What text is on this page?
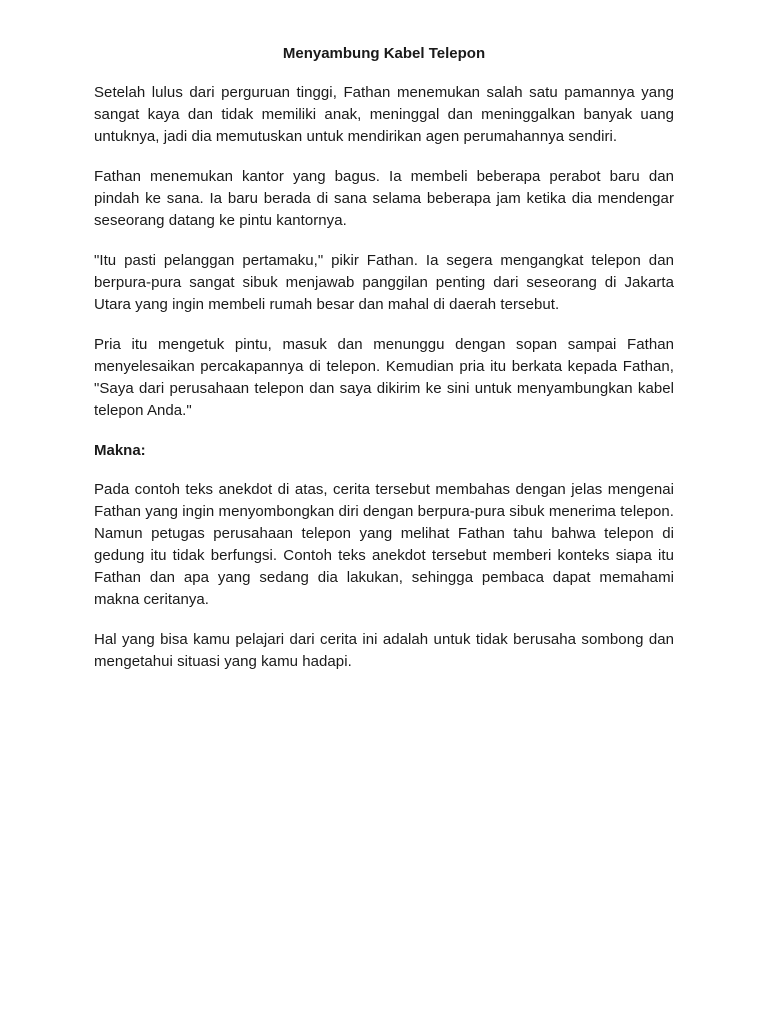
Menyambung Kabel Telepon

Setelah lulus dari perguruan tinggi, Fathan menemukan salah satu pamannya yang sangat kaya dan tidak memiliki anak, meninggal dan meninggalkan banyak uang untuknya, jadi dia memutuskan untuk mendirikan agen perumahannya sendiri.

Fathan menemukan kantor yang bagus. Ia membeli beberapa perabot baru dan pindah ke sana. Ia baru berada di sana selama beberapa jam ketika dia mendengar seseorang datang ke pintu kantornya.

"Itu pasti pelanggan pertamaku," pikir Fathan. Ia segera mengangkat telepon dan berpura-pura sangat sibuk menjawab panggilan penting dari seseorang di Jakarta Utara yang ingin membeli rumah besar dan mahal di daerah tersebut.

Pria itu mengetuk pintu, masuk dan menunggu dengan sopan sampai Fathan menyelesaikan percakapannya di telepon. Kemudian pria itu berkata kepada Fathan, "Saya dari perusahaan telepon dan saya dikirim ke sini untuk menyambungkan kabel telepon Anda."

Makna:

Pada contoh teks anekdot di atas, cerita tersebut membahas dengan jelas mengenai Fathan yang ingin menyombongkan diri dengan berpura-pura sibuk menerima telepon. Namun petugas perusahaan telepon yang melihat Fathan tahu bahwa telepon di gedung itu tidak berfungsi. Contoh teks anekdot tersebut memberi konteks siapa itu Fathan dan apa yang sedang dia lakukan, sehingga pembaca dapat memahami makna ceritanya.

Hal yang bisa kamu pelajari dari cerita ini adalah untuk tidak berusaha sombong dan mengetahui situasi yang kamu hadapi.
